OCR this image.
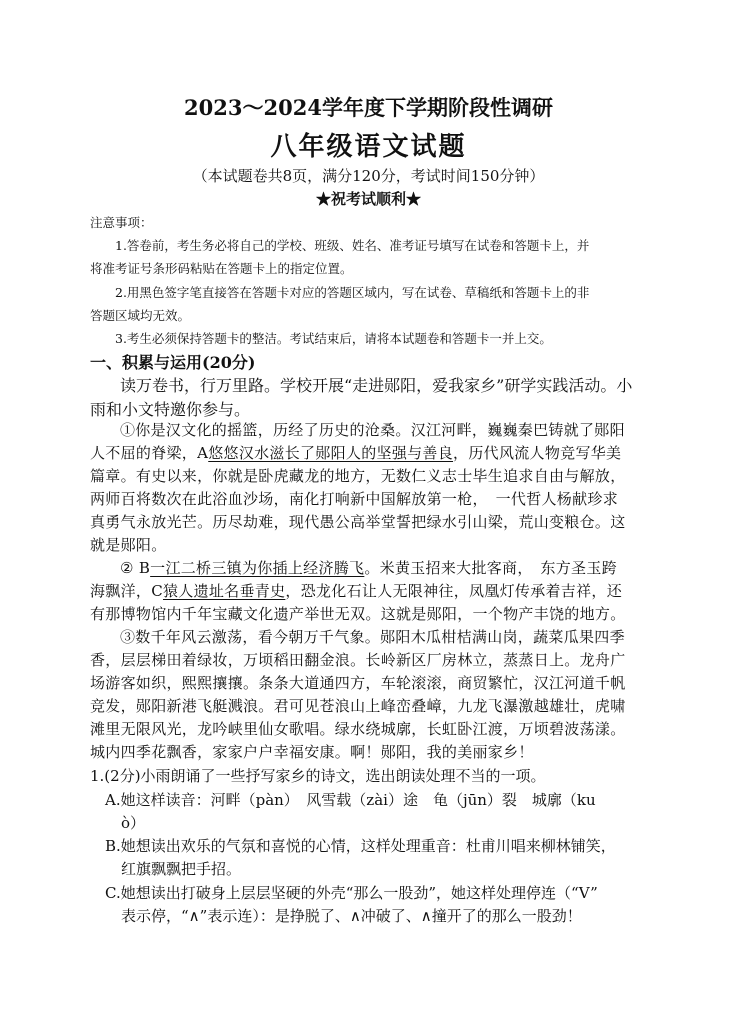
2023～2024学年度下学期阶段性调研
八年级语文试题
（本试题卷共8页，满分120分，考试时间150分钟）
★祝考试顺利★
注意事项：
1.答卷前，考生务必将自己的学校、班级、姓名、准考证号填写在试卷和答题卡上，并
将准考证号条形码粘贴在答题卡上的指定位置。
2.用黑色签字笔直接答在答题卡对应的答题区域内，写在试卷、草稿纸和答题卡上的非
答题区域均无效。
3.考生必须保持答题卡的整洁。考试结束后，请将本试题卷和答题卡一并上交。
一、积累与运用(20分)
读万卷书，行万里路。学校开展“走进郧阳，爱我家乡”研学实践活动。小
雨和小文特邀你参与。
①你是汉文化的摇篮，历经了历史的沧桑。汉江河畔，巍巍秦巴铸就了郧阳
人不屈的脊梁，A悠悠汉水滋长了郧阳人的坚强与善良，历代风流人物竞写华美
篇章。有史以来，你就是卧虎藏龙的地方，无数仁义志士毕生追求自由与解放，
两师百将数次在此浴血沙场，南化打响新中国解放第一枪，　一代哲人杨献珍求
真勇气永放光芒。历尽劫难，现代愚公高举堂誓把绿水引山梁，荒山变粮仓。这
就是郧阳。
② B一江二桥三镇为你插上经济腾飞。米黄玉招来大批客商，　东方圣玉跨
海飘洋，C猿人遗址名垂青史，恐龙化石让人无限神往，凤凰灯传承着吉祥，还
有那博物馆内千年宝藏文化遗产举世无双。这就是郧阳，一个物产丰饶的地方。
③数千年风云激荡，看今朝万千气象。郧阳木瓜柑桔满山岗，蔬菜瓜果四季
香，层层梯田着绿妆，万顷稻田翻金浪。长岭新区厂房林立，蒸蒸日上。龙舟广
场游客如织，熙熙攘攘。条条大道通四方，车轮滚滚，商贸繁忙，汉江河道千帆
竞发，郧阳新港飞艇溅浪。君可见苍浪山上峰峦叠嶂，九龙飞瀑激越雄壮，虎啸
滩里无限风光，龙吟峡里仙女歌唱。绿水绕城廓，长虹卧江渡，万顷碧波荡漾。
城内四季花飘香，家家户户幸福安康。啊！郧阳，我的美丽家乡！
1.(2分)小雨朗诵了一些抒写家乡的诗文，选出朗读处理不当的一项。
A.她这样读音：河畔（pàn）　风雪载（zài）途　龟（jūn）裂　城廓（ku
ò）
B.她想读出欢乐的气氛和喜悦的心情，这样处理重音：杜甫川唱来柳林铺笑，
红旗飘飘把手招。
C.她想读出打破身上层层坚硬的外壳“那么一股劲”，她这样处理停连（“V”
表示停，“∧”表示连）：是挣脱了、∧冲破了、∧撞开了的那么一股劲！
